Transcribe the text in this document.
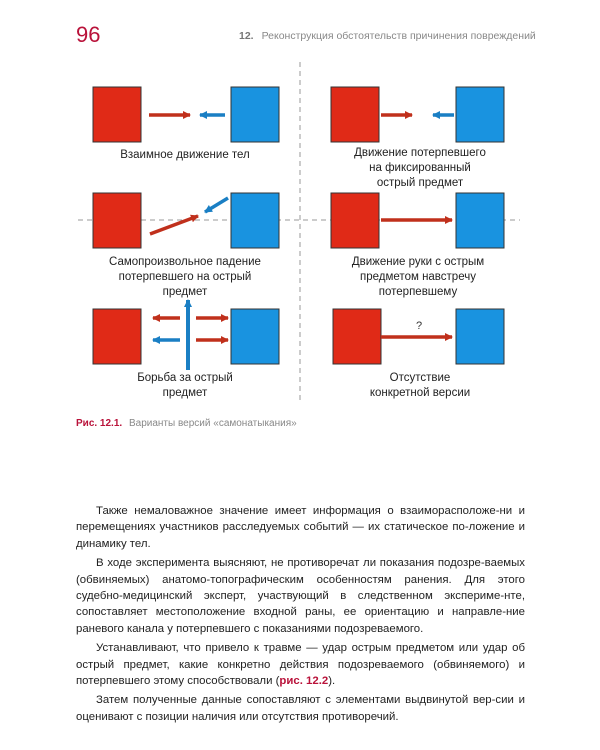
96	12. Реконструкция обстоятельств причинения повреждений
?
Взаимное движение тел	Движение потерпевшего
на фиксированный
острый предмет
Самопроизвольное падение
потерпевшего на острый
предмет
Движение руки с острым
предметом навстречу
потерпевшему
Борьба за острый
предмет
Отсутствие
конкретной версии
Рис. 12.1. Варианты версий «самонатыкания»

Также немаловажное значение имеет информация о взаиморасположе-ни и перемещениях участников расследуемых событий — их статическое по-ложение и динамику тел.

В ходе эксперимента выясняют, не противоречат ли показания подозре-ваемых (обвиняемых) анатомо-топографическим особенностям ранения. Для этого судебно-медицинский эксперт, участвующий в следственном экспериме-нте, сопоставляет местоположение входной раны, ее ориентацию и направле-ние раневого канала у потерпевшего с показаниями подозреваемого.

Устанавливают, что привело к травме — удар острым предметом или удар об острый предмет, какие конкретно действия подозреваемого (обвиняемого) и потерпевшего этому способствовали (рис. 12.2).

Затем полученные данные сопоставляют с элементами выдвинутой вер-сии и оценивают с позиции наличия или отсутствия противоречий.
